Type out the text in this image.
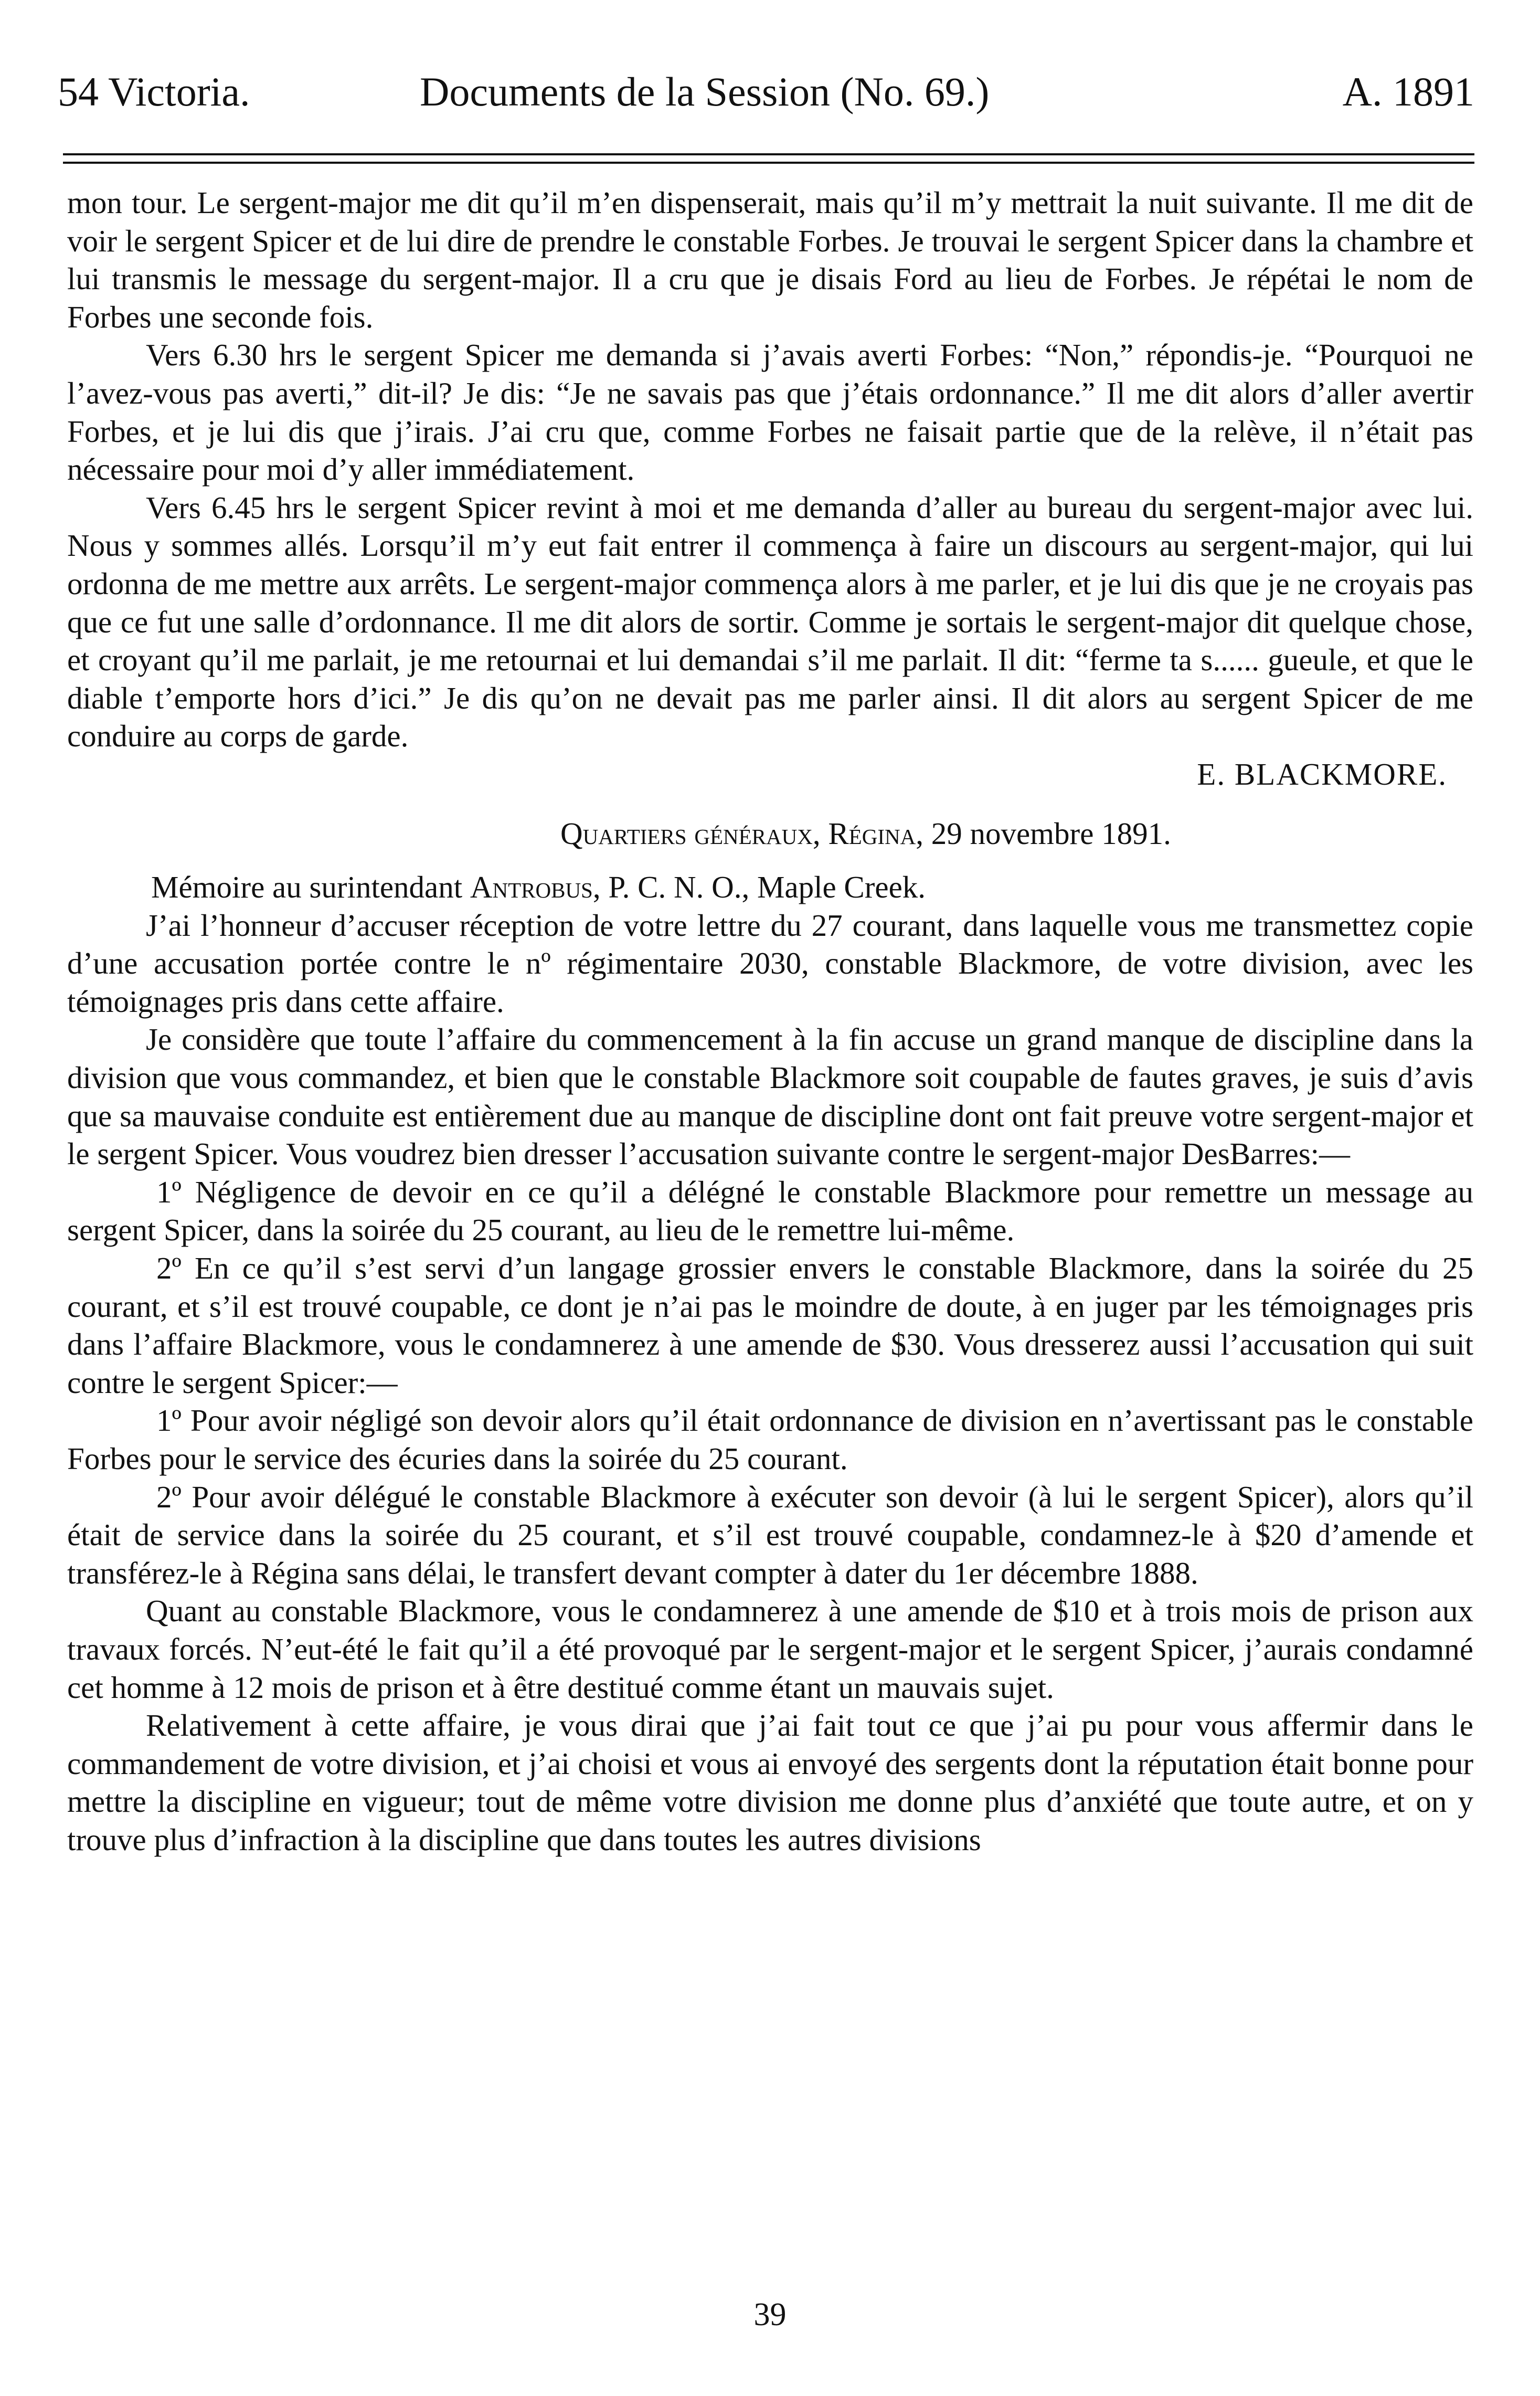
54 Victoria.	Documents de la Session (No. 69.)	A. 1891

mon tour. Le sergent-major me dit qu’il m’en dispenserait, mais qu’il m’y mettrait la nuit suivante. Il me dit de voir le sergent Spicer et de lui dire de prendre le constable Forbes. Je trouvai le sergent Spicer dans la chambre et lui transmis le message du sergent-major. Il a cru que je disais Ford au lieu de Forbes. Je répétai le nom de Forbes une seconde fois.

Vers 6.30 hrs le sergent Spicer me demanda si j’avais averti Forbes: “Non,” répondis-je. “Pourquoi ne l’avez-vous pas averti,” dit-il? Je dis: “Je ne savais pas que j’étais ordonnance.” Il me dit alors d’aller avertir Forbes, et je lui dis que j’irais. J’ai cru que, comme Forbes ne faisait partie que de la relève, il n’était pas nécessaire pour moi d’y aller immédiatement.

Vers 6.45 hrs le sergent Spicer revint à moi et me demanda d’aller au bureau du sergent-major avec lui. Nous y sommes allés. Lorsqu’il m’y eut fait entrer il commença à faire un discours au sergent-major, qui lui ordonna de me mettre aux arrêts. Le sergent-major commença alors à me parler, et je lui dis que je ne croyais pas que ce fut une salle d’ordonnance. Il me dit alors de sortir. Comme je sortais le sergent-major dit quelque chose, et croyant qu’il me parlait, je me retournai et lui demandai s’il me parlait. Il dit: “ferme ta s...... gueule, et que le diable t’emporte hors d’ici.” Je dis qu’on ne devait pas me parler ainsi. Il dit alors au sergent Spicer de me conduire au corps de garde.

E. BLACKMORE.

Quartiers généraux, Régina, 29 novembre 1891.

Mémoire au surintendant Antrobus, P. C. N. O., Maple Creek.

J’ai l’honneur d’accuser réception de votre lettre du 27 courant, dans laquelle vous me transmettez copie d’une accusation portée contre le nº régimentaire 2030, constable Blackmore, de votre division, avec les témoignages pris dans cette affaire.

Je considère que toute l’affaire du commencement à la fin accuse un grand manque de discipline dans la division que vous commandez, et bien que le constable Blackmore soit coupable de fautes graves, je suis d’avis que sa mauvaise conduite est entièrement due au manque de discipline dont ont fait preuve votre sergent-major et le sergent Spicer. Vous voudrez bien dresser l’accusation suivante contre le sergent-major DesBarres:—

1º Négligence de devoir en ce qu’il a délégné le constable Blackmore pour remettre un message au sergent Spicer, dans la soirée du 25 courant, au lieu de le remettre lui-même.

2º En ce qu’il s’est servi d’un langage grossier envers le constable Blackmore, dans la soirée du 25 courant, et s’il est trouvé coupable, ce dont je n’ai pas le moindre de doute, à en juger par les témoignages pris dans l’affaire Blackmore, vous le condamnerez à une amende de $30. Vous dresserez aussi l’accusation qui suit contre le sergent Spicer:—

1º Pour avoir négligé son devoir alors qu’il était ordonnance de division en n’avertissant pas le constable Forbes pour le service des écuries dans la soirée du 25 courant.

2º Pour avoir délégué le constable Blackmore à exécuter son devoir (à lui le sergent Spicer), alors qu’il était de service dans la soirée du 25 courant, et s’il est trouvé coupable, condamnez-le à $20 d’amende et transférez-le à Régina sans délai, le transfert devant compter à dater du 1er décembre 1888.

Quant au constable Blackmore, vous le condamnerez à une amende de $10 et à trois mois de prison aux travaux forcés. N’eut-été le fait qu’il a été provoqué par le sergent-major et le sergent Spicer, j’aurais condamné cet homme à 12 mois de prison et à être destitué comme étant un mauvais sujet.

Relativement à cette affaire, je vous dirai que j’ai fait tout ce que j’ai pu pour vous affermir dans le commandement de votre division, et j’ai choisi et vous ai envoyé des sergents dont la réputation était bonne pour mettre la discipline en vigueur; tout de même votre division me donne plus d’anxiété que toute autre, et on y trouve plus d’infraction à la discipline que dans toutes les autres divisions

39
